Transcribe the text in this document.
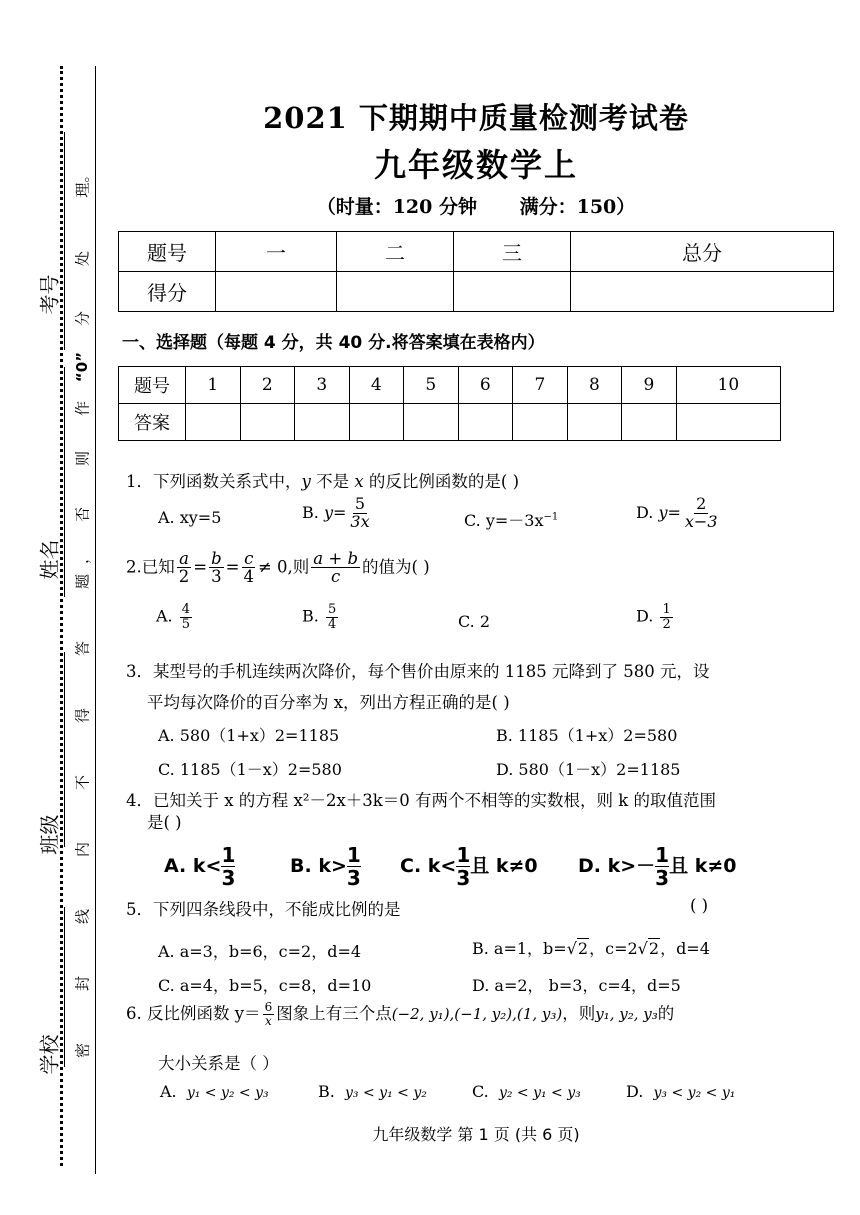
考号
姓名
班级
学校 密
封
线
内
不
得
答
题
，
否
则
作
“0”
分
处
理。
2021 下期期中质量检测考试卷
九年级数学上
（时量：120 分钟 满分：150）
题号	一	二	三	总分
得分				
一、选择题（每题 4 分，共 40 分.将答案填在表格内）
题号	1	2	3	4	5	6	7	8	9	10
答案										
1．下列函数关系式中，y 不是 x 的反比例函数的是( )
A. xy=5	B. $y= \frac{5}{3x}$	C. $y=-3x^{-1}$	D. $y= \frac{2}{x-3}$
2.已知 $\frac{a}{2} = \frac{b}{3} = \frac{c}{4} \ne 0$,则 $\frac{a + b}{c}$ 的值为( )
A. $\frac{4}{5}$	B. $\frac{5}{4}$	C. 2	D. $\frac{1}{2}$
3．某型号的手机连续两次降价，每个售价由原来的 1185 元降到了 580 元，设
平均每次降价的百分率为 x，列出方程正确的是( )
A. 580（1+x）2=1185	B. 1185（1+x）2=580
C. 1185（1－x）2=580	D. 580（1－x）2=1185
4．已知关于 x 的方程 x²－2x＋3k＝0 有两个不相等的实数根，则 k 的取值范围
是( )
A. $k< \frac{1}{3}$	B. $k> \frac{1}{3} C$. $k< \frac{1}{3}$ 且 k≠0 D. $k>- \frac{1}{3}$ 且 k≠0
5．下列四条线段中，不能成比例的是	( )
A. a=3，b=6，c=2，d=4	B. a=1，b=√2，c=2√2，d=4
C. a=4，b=5，c=8，d=10	D. a=2， b=3，c=4，d=5
6. 反比例函数 $y= \frac{6}{x}$ 图象上有三个点(−2, y₁),(−1, y₂),(1, y₃)，则y₁, y₂, y₃的
大小关系是（ ）
A. y₁ < y₂ < y₃	B. y₃ < y₁ < y₂	C. y₂ < y₁ < y₃	D. y₃ < y₂ < y₁
九年级数学 第 1 页 (共 6 页)
